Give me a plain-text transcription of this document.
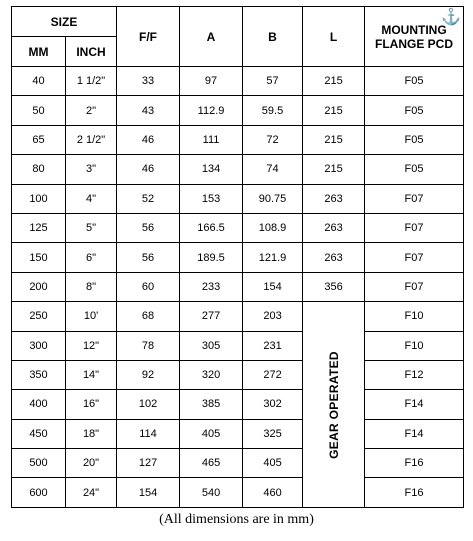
SIZE		F/F	A	B	L	MOUNTING
FLANGE PCD
⚓

MM	INCH					
40	1 1/2"	33	97	57	215	F05
50	2"	43	112.9	59.5	215	F05
65	2 1/2"	46	111	72	215	F05
80	3"	46	134	74	215	F05
100	4"	52	153	90.75	263	F07
125	5"	56	166.5	108.9	263	F07
150	6"	56	189.5	121.9	263	F07
200	8"	60	233	154	356	F07
250	10'	68	277	203	GEAR OPERATED	F10
300	12"	78	305	231		F10
350	14"	92	320	272		F12
400	16"	102	385	302		F14
450	18"	114	405	325		F14
500	20"	127	465	405		F16
600	24"	154	540	460		F16
(All dimensions are in mm)
